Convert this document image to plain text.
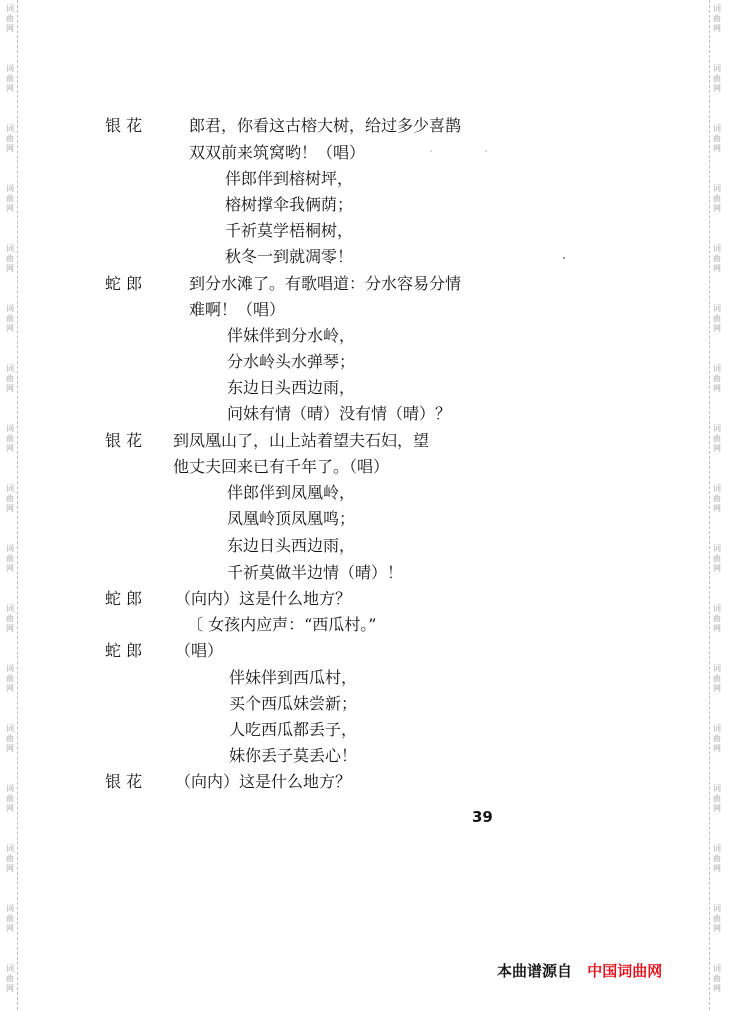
词
曲
网
词
曲
网
词
曲
网
词
曲
网
词
曲
网
词
曲
网
词
曲
网
词
曲
网
词
曲
网
词
曲
网
词
曲
网
词
曲
网
词
曲
网
词
曲
网
词
曲
网
词
曲
网
词
曲
网
词
曲
网
词
曲
网
词
曲
网
词
曲
网
词
曲
网
词
曲
网
词
曲
网
词
曲
网
词
曲
网
词
曲
网
词
曲
网
词
曲
网
词
曲
网
词
曲
网
词
曲
网
词
曲
网
词
曲
网
银 花	郎君，你看这古榕大树，给过多少喜鹊
双双前来筑窝哟！（唱）
伴郎伴到榕树坪，
榕树撑伞我俩荫；
千祈莫学梧桐树，
秋冬一到就凋零！
蛇 郎	到分水滩了。有歌唱道：分水容易分情
难啊！（唱）
伴妹伴到分水岭，
分水岭头水弹琴；
东边日头西边雨，
问妹有情（晴）没有情（晴）？
银 花 到凤凰山了，山上站着望夫石妇，望
他丈夫回来已有千年了。（唱）
伴郎伴到凤凰岭，
凤凰岭顶凤凰鸣；
东边日头西边雨，
千祈莫做半边情（晴）！
蛇 郎 （向内）这是什么地方？
〔 女孩内应声：“西瓜村。”
蛇 郎 （唱）
伴妹伴到西瓜村，
买个西瓜妹尝新；
人吃西瓜都丢子，
妹你丢子莫丢心！
银 花 （向内）这是什么地方？
39
本曲谱源自 中国词曲网
